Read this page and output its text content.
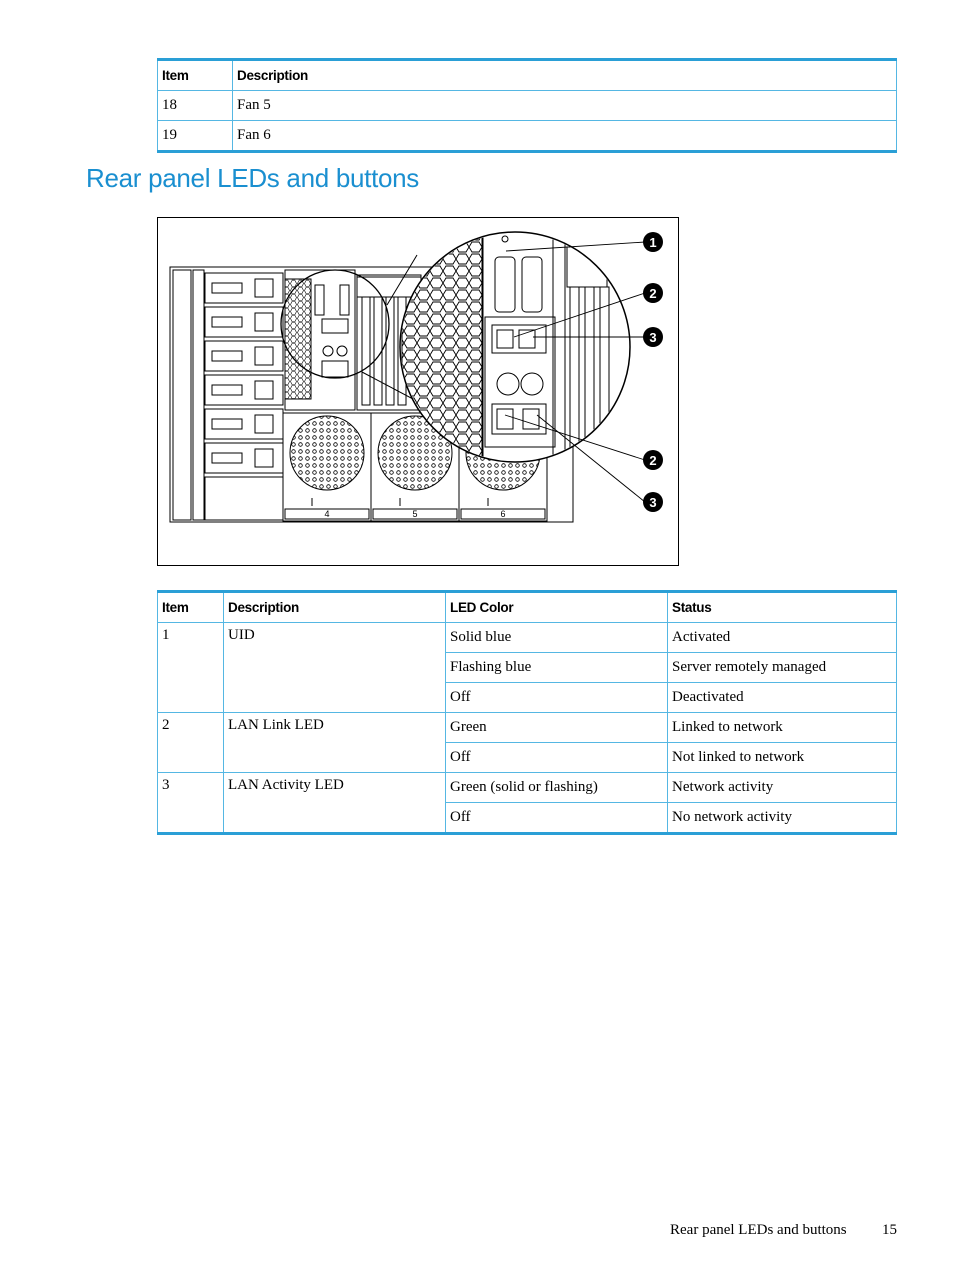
Item	Description
18	Fan 5
19	Fan 6
Rear panel LEDs and buttons
4	5	6
1
2
3
2
3
Item	Description	LED Color	Status
1	UID	Solid blue	Activated
		Flashing blue	Server remotely managed
		Off	Deactivated
2	LAN Link LED	Green	Linked to network
		Off	Not linked to network
3	LAN Activity LED	Green (solid or flashing)	Network activity
		Off	No network activity
Rear panel LEDs and buttons 15
